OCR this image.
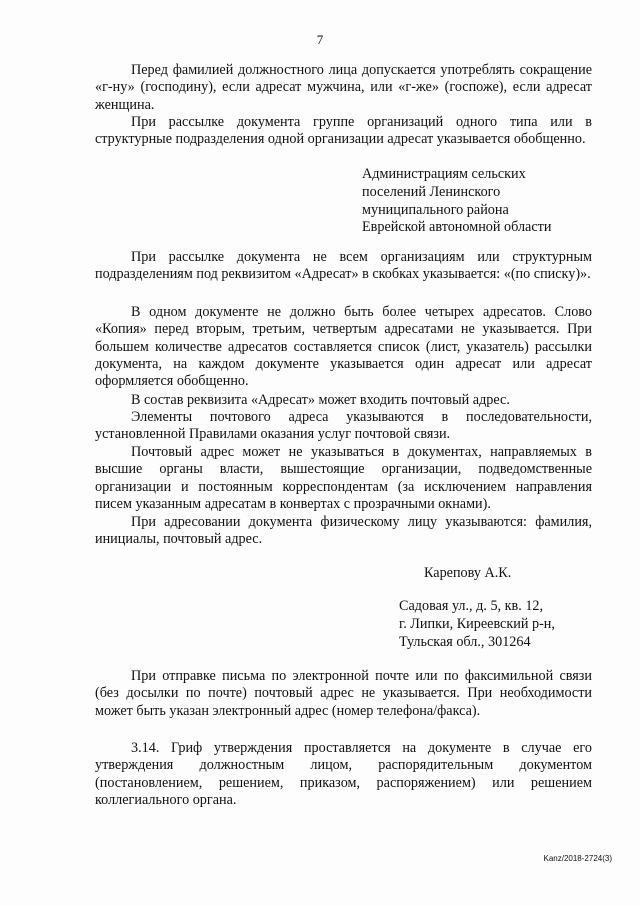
7

Перед фамилией должностного лица допускается употреблять сокращение «г-ну» (господину), если адресат мужчина, или «г-же» (госпоже), если адресат женщина.

При рассылке документа группе организаций одного типа или в структурные подразделения одной организации адресат указывается обобщенно.

Администрациям сельских
поселений Ленинского
муниципального района
Еврейской автономной области

При рассылке документа не всем организациям или структурным подразделениям под реквизитом «Адресат» в скобках указывается: «(по списку)».

В одном документе не должно быть более четырех адресатов. Слово «Копия» перед вторым, третьим, четвертым адресатами не указывается. При большем количестве адресатов составляется список (лист, указатель) рассылки документа, на каждом документе указывается один адресат или адресат оформляется обобщенно.

В состав реквизита «Адресат» может входить почтовый адрес.

Элементы почтового адреса указываются в последовательности, установленной Правилами оказания услуг почтовой связи.

Почтовый адрес может не указываться в документах, направляемых в высшие органы власти, вышестоящие организации, подведомственные организации и постоянным корреспондентам (за исключением направления писем указанным адресатам в конвертах с прозрачными окнами).

При адресовании документа физическому лицу указываются: фамилия, инициалы, почтовый адрес.

Карепову А.К.
Садовая ул., д. 5, кв. 12,
г. Липки, Киреевский р-н,
Тульская обл., 301264

При отправке письма по электронной почте или по факсимильной связи (без досылки по почте) почтовый адрес не указывается. При необходимости может быть указан электронный адрес (номер телефона/факса).

3.14. Гриф утверждения проставляется на документе в случае его утверждения должностным лицом, распорядительным документом (постановлением, решением, приказом, распоряжением) или решением коллегиального органа.

Kanz/2018-2724(3)
